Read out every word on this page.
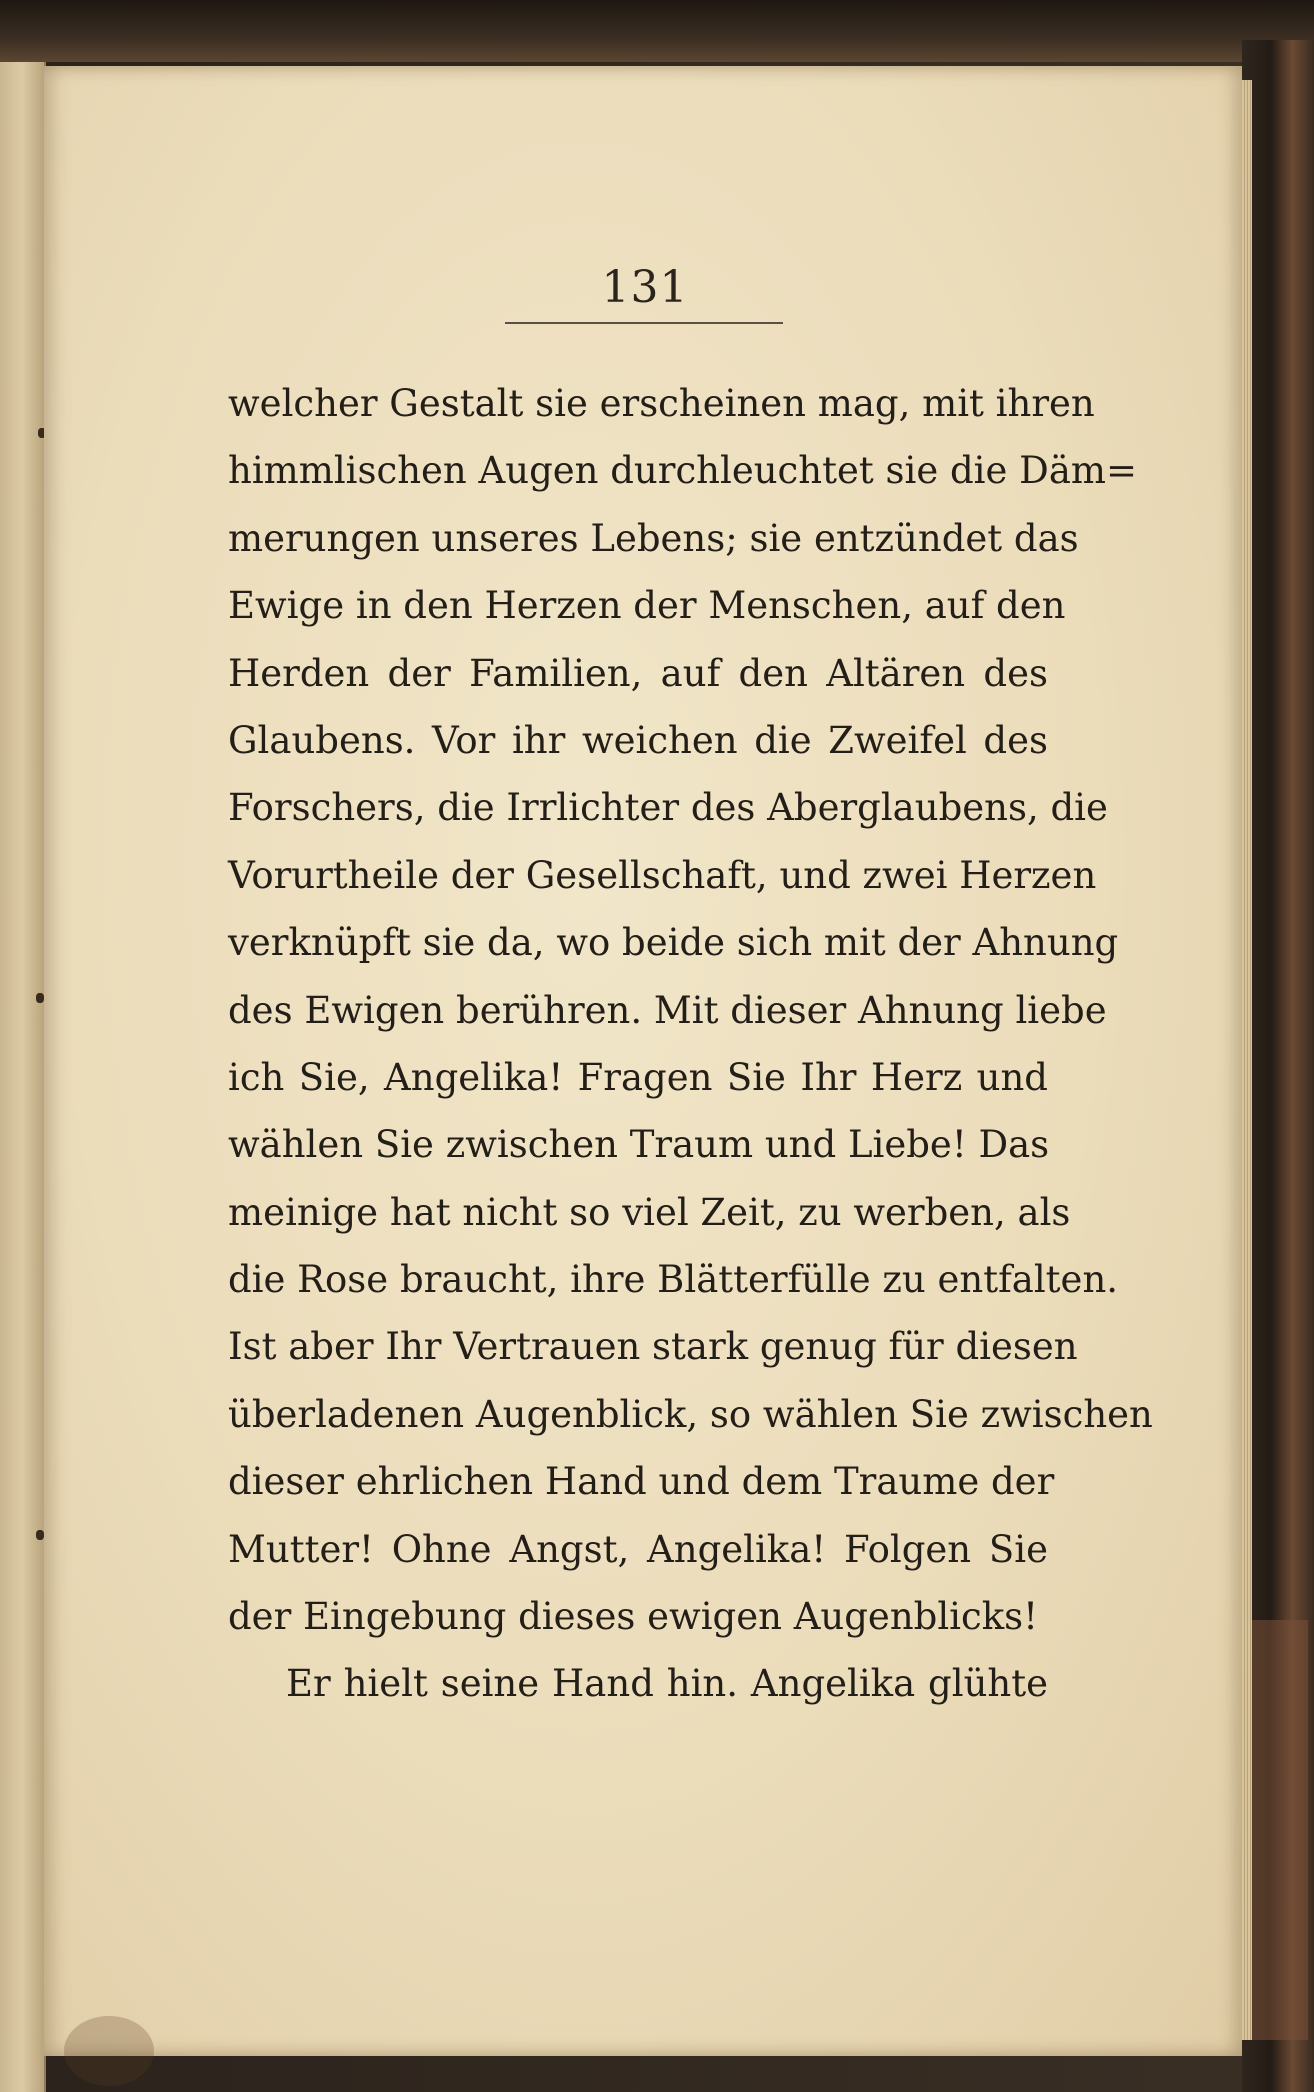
131
welcher Gestalt sie erscheinen mag, mit ihren
himmlischen Augen durchleuchtet sie die Däm=
merungen unseres Lebens; sie entzündet das
Ewige in den Herzen der Menschen, auf den
Herden der Familien, auf den Altären des
Glaubens. Vor ihr weichen die Zweifel des
Forschers, die Irrlichter des Aberglaubens, die
Vorurtheile der Gesellschaft, und zwei Herzen
verknüpft sie da, wo beide sich mit der Ahnung
des Ewigen berühren. Mit dieser Ahnung liebe
ich Sie, Angelika! Fragen Sie Ihr Herz und
wählen Sie zwischen Traum und Liebe! Das
meinige hat nicht so viel Zeit, zu werben, als
die Rose braucht, ihre Blätterfülle zu entfalten.
Ist aber Ihr Vertrauen stark genug für diesen
überladenen Augenblick, so wählen Sie zwischen
dieser ehrlichen Hand und dem Traume der
Mutter! Ohne Angst, Angelika! Folgen Sie
der Eingebung dieses ewigen Augenblicks!
Er hielt seine Hand hin. Angelika glühte
